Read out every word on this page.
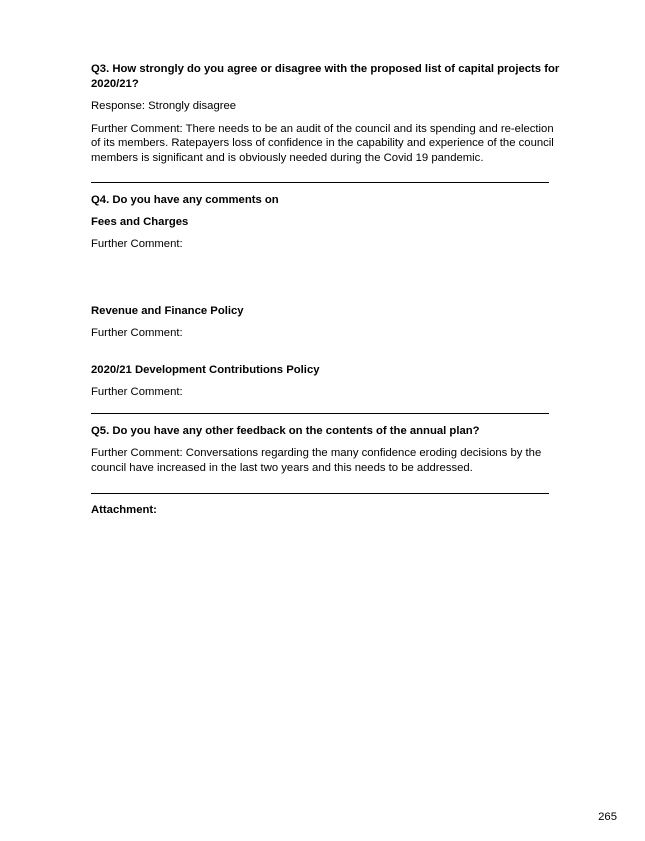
Q3. How strongly do you agree or disagree with the proposed list of capital projects for 2020/21?

Response: Strongly disagree

Further Comment: There needs to be an audit of the council and its spending and re-election of its members. Ratepayers loss of confidence in the capability and experience of the council members is significant and is obviously needed during the Covid 19 pandemic.

Q4. Do you have any comments on

Fees and Charges

Further Comment:

Revenue and Finance Policy

Further Comment:

2020/21 Development Contributions Policy

Further Comment:

Q5. Do you have any other feedback on the contents of the annual plan?

Further Comment: Conversations regarding the many confidence eroding decisions by the council have increased in the last two years and this needs to be addressed.

Attachment:

265
